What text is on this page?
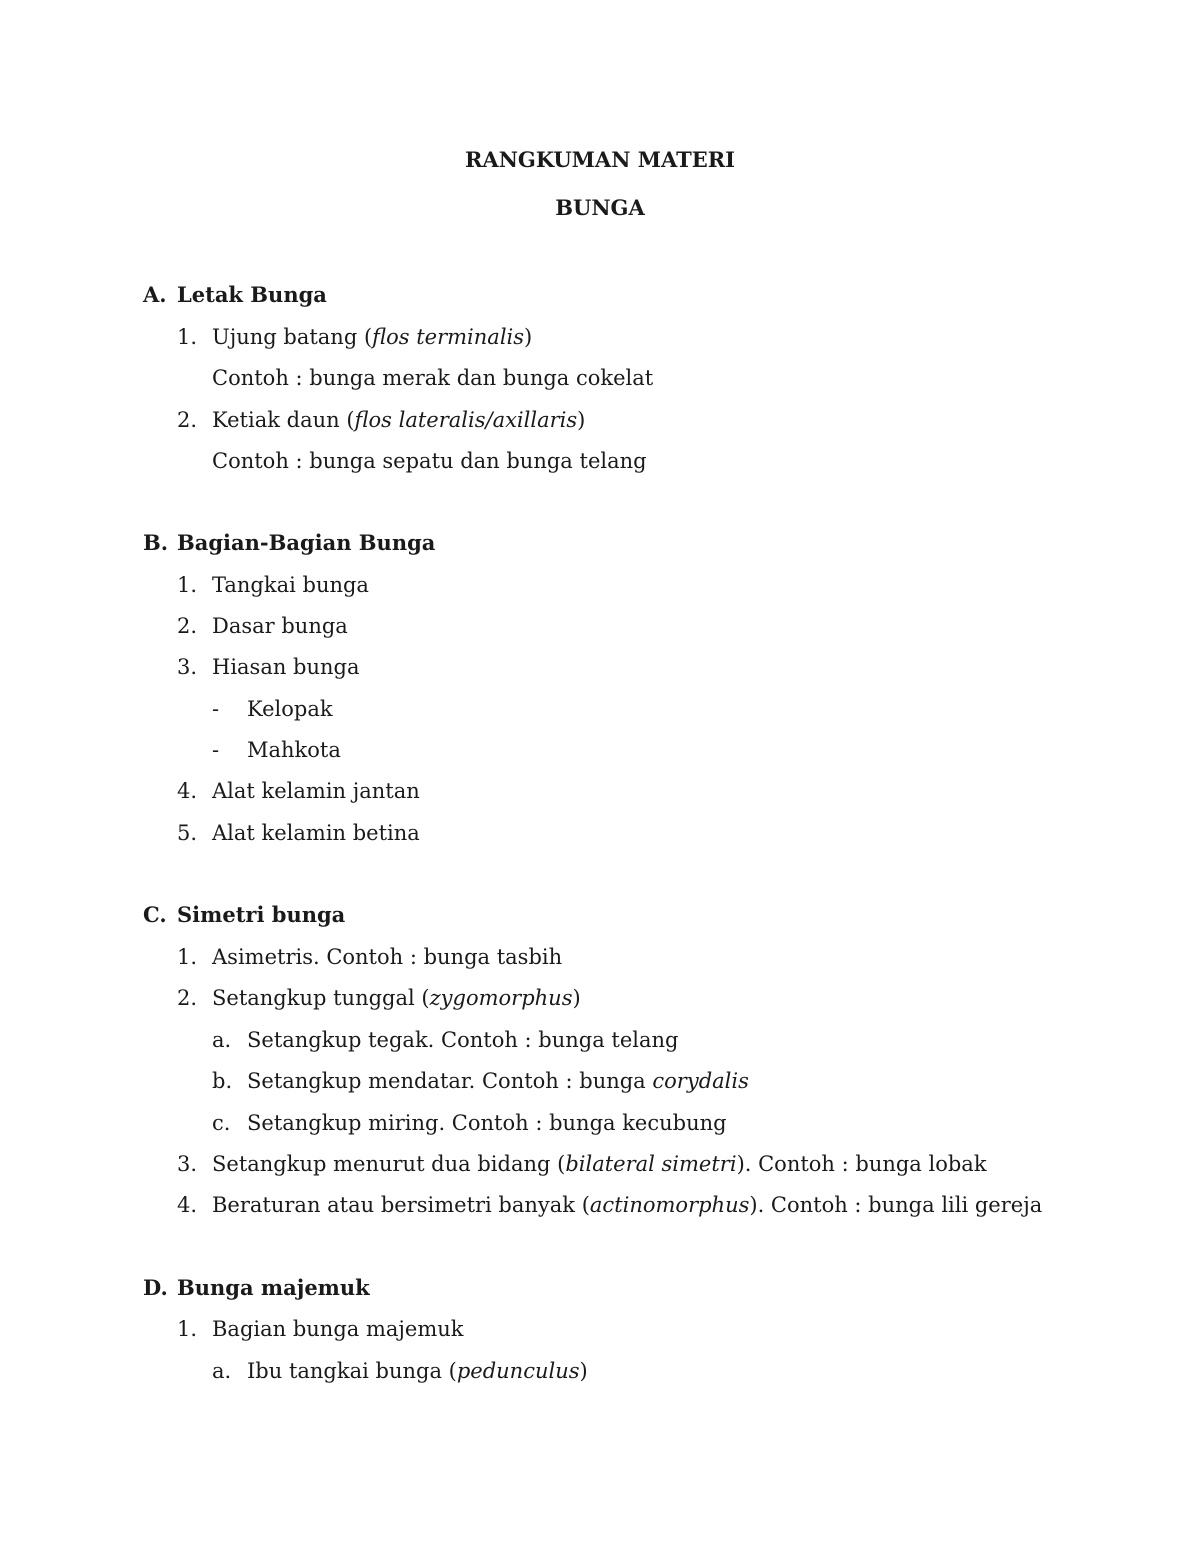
RANGKUMAN MATERI
BUNGA
A. Letak Bunga
1. Ujung batang (flos terminalis)
Contoh : bunga merak dan bunga cokelat
2. Ketiak daun (flos lateralis/axillaris)
Contoh : bunga sepatu dan bunga telang
B. Bagian-Bagian Bunga
1. Tangkai bunga
2. Dasar bunga
3. Hiasan bunga
- Kelopak
- Mahkota
4. Alat kelamin jantan
5. Alat kelamin betina
C. Simetri bunga
1. Asimetris. Contoh : bunga tasbih
2. Setangkup tunggal (zygomorphus)
a. Setangkup tegak. Contoh : bunga telang
b. Setangkup mendatar. Contoh : bunga corydalis
c. Setangkup miring. Contoh : bunga kecubung
3. Setangkup menurut dua bidang (bilateral simetri). Contoh : bunga lobak
4. Beraturan atau bersimetri banyak (actinomorphus). Contoh : bunga lili gereja
D. Bunga majemuk
1. Bagian bunga majemuk
a. Ibu tangkai bunga (pedunculus)
